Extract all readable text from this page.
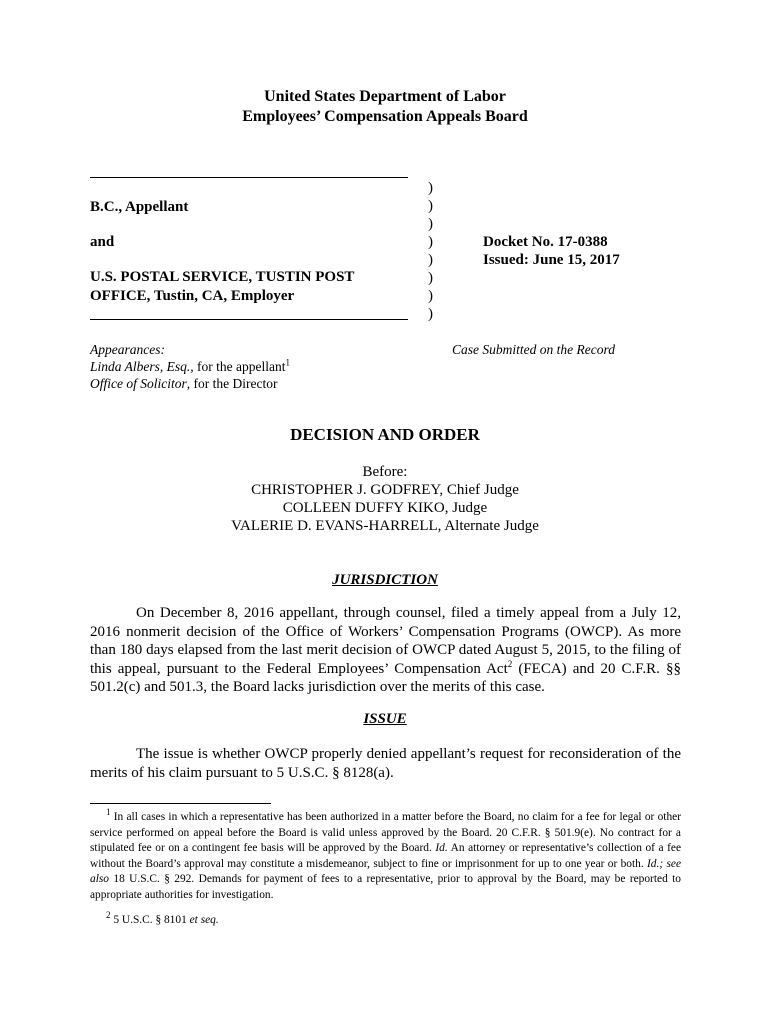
United States Department of Labor
Employees’ Compensation Appeals Board
B.C., Appellant
and
U.S. POSTAL SERVICE, TUSTIN POST
OFFICE, Tustin, CA, Employer
)
)
)
)
)
)
)
)
Docket No. 17-0388
Issued: June 15, 2017
Appearances:
Linda Albers, Esq., for the appellant$^1$
Office of Solicitor, for the Director
Case Submitted on the Record
DECISION AND ORDER
Before:
CHRISTOPHER J. GODFREY, Chief Judge
COLLEEN DUFFY KIKO, Judge
VALERIE D. EVANS-HARRELL, Alternate Judge
JURISDICTION
On December 8, 2016 appellant, through counsel, filed a timely appeal from a July 12, 2016 nonmerit decision of the Office of Workers’ Compensation Programs (OWCP). As more than 180 days elapsed from the last merit decision of OWCP dated August 5, 2015, to the filing of this appeal, pursuant to the Federal Employees’ Compensation Act$^2$ (FECA) and 20 C.F.R. §§ 501.2(c) and 501.3, the Board lacks jurisdiction over the merits of this case.
ISSUE
The issue is whether OWCP properly denied appellant’s request for reconsideration of the merits of his claim pursuant to 5 U.S.C. § 8128(a).
$^1$ In all cases in which a representative has been authorized in a matter before the Board, no claim for a fee for legal or other service performed on appeal before the Board is valid unless approved by the Board. 20 C.F.R. § 501.9(e). No contract for a stipulated fee or on a contingent fee basis will be approved by the Board. Id. An attorney or representative’s collection of a fee without the Board’s approval may constitute a misdemeanor, subject to fine or imprisonment for up to one year or both. Id.; see also 18 U.S.C. § 292. Demands for payment of fees to a representative, prior to approval by the Board, may be reported to appropriate authorities for investigation.
$^2$ 5 U.S.C. § 8101 et seq.
